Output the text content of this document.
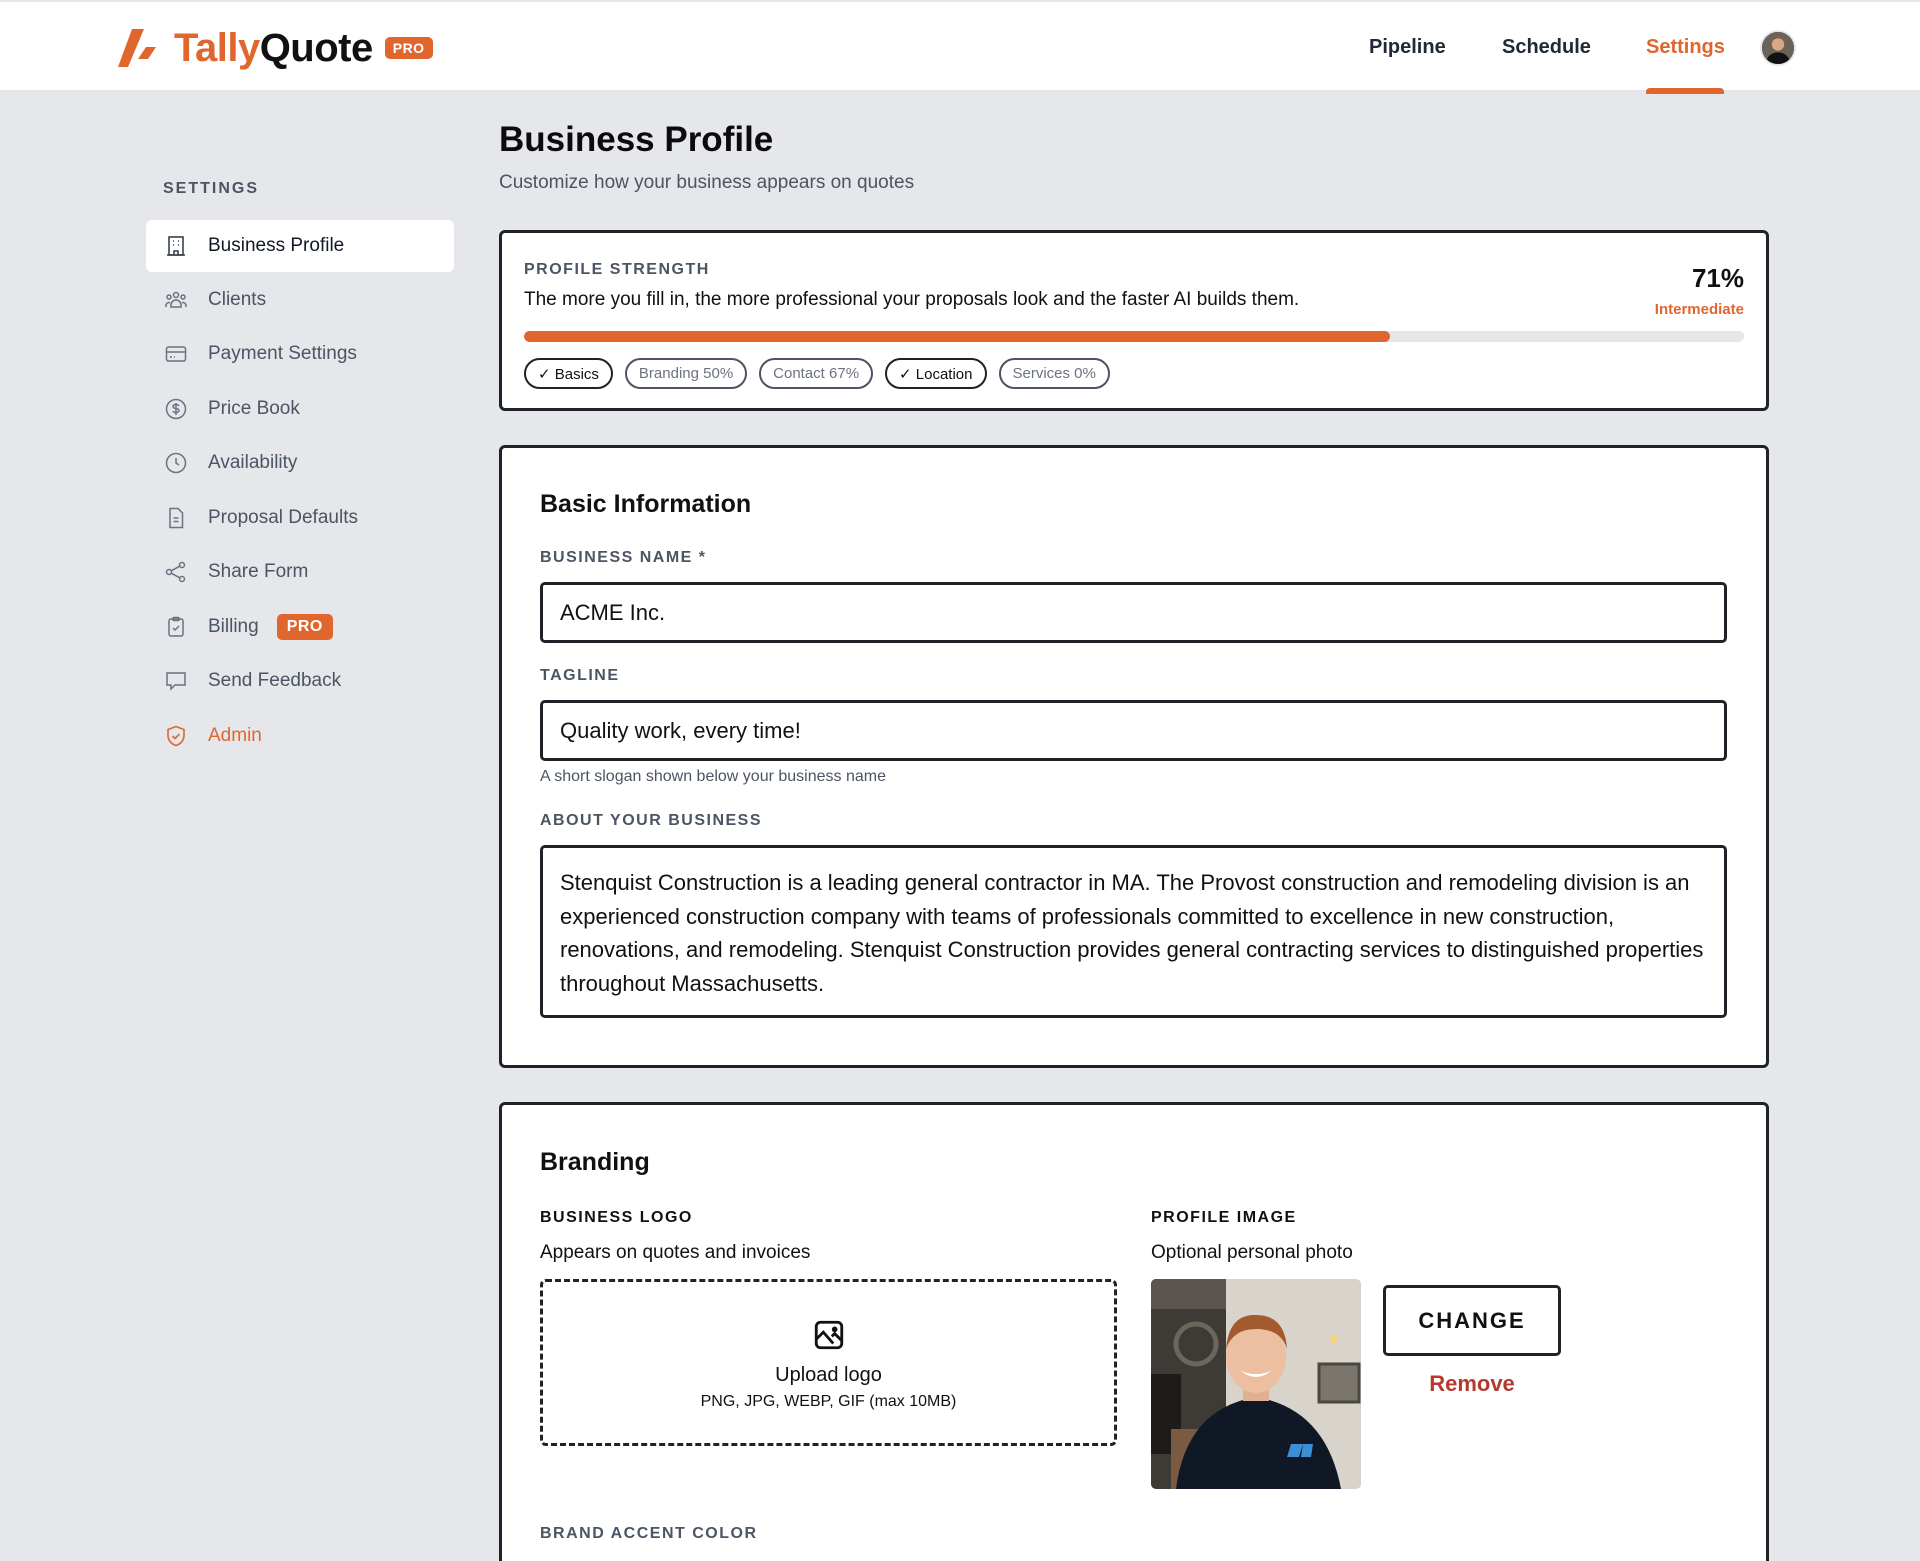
TallyQuote	PRO	Pipeline	Schedule	Settings
SETTINGS
Business Profile
Clients
Payment Settings
Price Book
Availability
Proposal Defaults
Share Form
Billing	PRO
Send Feedback
Admin
Business Profile

Customize how your business appears on quotes

PROFILE STRENGTH
The more you fill in, the more professional your proposals look and the faster AI builds them.
71%
Intermediate
✓ Basics	Branding 50%	Contact 67%	✓ Location	Services 0%
Basic Information
BUSINESS NAME *
ACME Inc.
TAGLINE
Quality work, every time!
A short slogan shown below your business name
ABOUT YOUR BUSINESS
Stenquist Construction is a leading general contractor in MA. The Provost construction and remodeling division is an experienced construction company with teams of professionals committed to excellence in new construction, renovations, and remodeling. Stenquist Construction provides general contracting services to distinguished properties throughout Massachusetts.
Branding
BUSINESS LOGO
Appears on quotes and invoices
Upload logo
PNG, JPG, WEBP, GIF (max 10MB)
PROFILE IMAGE
Optional personal photo
CHANGE
Remove
BRAND ACCENT COLOR
